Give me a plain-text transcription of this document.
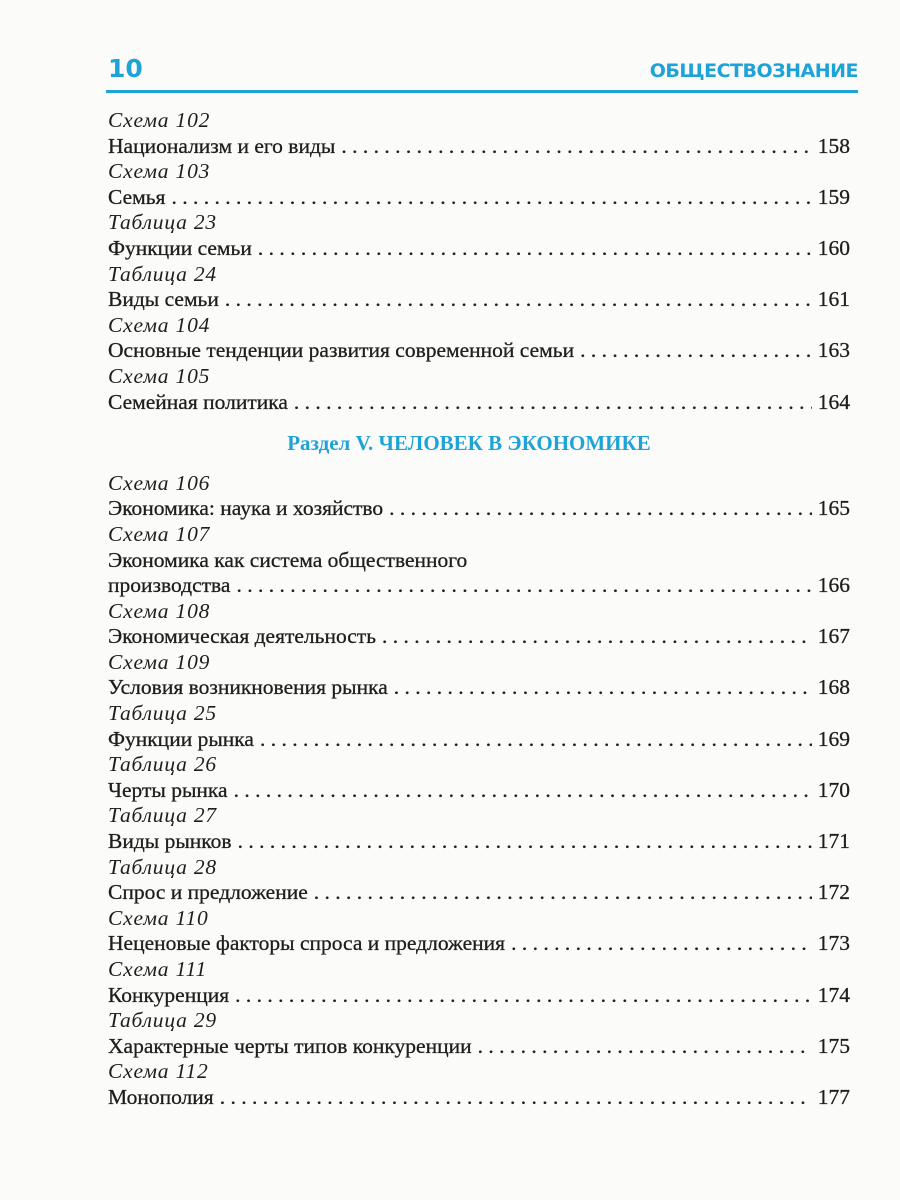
10	ОБЩЕСТВОЗНАНИЕ
Схема 102
Национализм и его виды . . .	158
Схема 103
Семья . . .	159
Таблица 23
Функции семьи . . .	160
Таблица 24
Виды семьи . . .	161
Схема 104
Основные тенденции развития современной семьи . . .	163
Схема 105
Семейная политика . . .	164
Раздел V. ЧЕЛОВЕК В ЭКОНОМИКЕ
Схема 106
Экономика: наука и хозяйство . . .	165
Схема 107
Экономика как система общественного
производства . . .	166
Схема 108
Экономическая деятельность . . .	167
Схема 109
Условия возникновения рынка . . .	168
Таблица 25
Функции рынка . . .	169
Таблица 26
Черты рынка . . .	170
Таблица 27
Виды рынков . . .	171
Таблица 28
Спрос и предложение . . .	172
Схема 110
Неценовые факторы спроса и предложения . . .	173
Схема 111
Конкуренция . . .	174
Таблица 29
Характерные черты типов конкуренции . . .	175
Схема 112
Монополия . . .	177
